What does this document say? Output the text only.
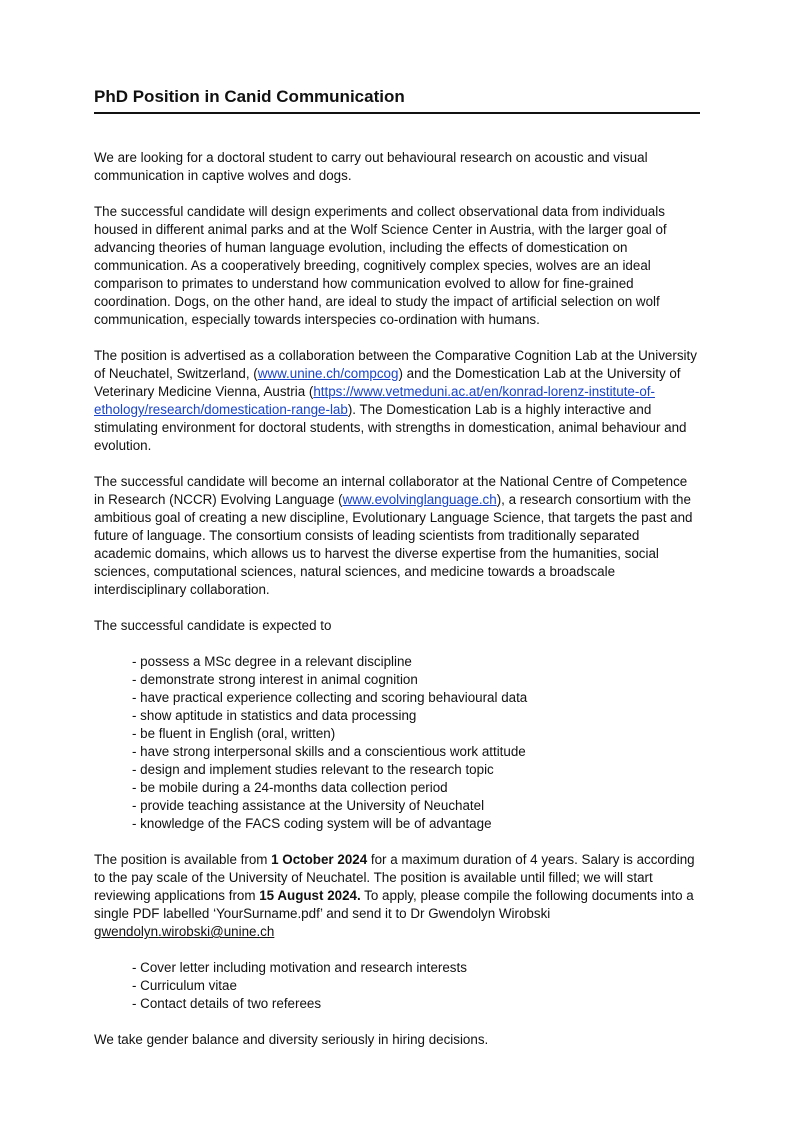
PhD Position in Canid Communication

We are looking for a doctoral student to carry out behavioural research on acoustic and visual communication in captive wolves and dogs.

The successful candidate will design experiments and collect observational data from individuals housed in different animal parks and at the Wolf Science Center in Austria, with the larger goal of advancing theories of human language evolution, including the effects of domestication on communication. As a cooperatively breeding, cognitively complex species, wolves are an ideal comparison to primates to understand how communication evolved to allow for fine-grained coordination. Dogs, on the other hand, are ideal to study the impact of artificial selection on wolf communication, especially towards interspecies co-ordination with humans.

The position is advertised as a collaboration between the Comparative Cognition Lab at the University of Neuchatel, Switzerland, (www.unine.ch/compcog) and the Domestication Lab at the University of Veterinary Medicine Vienna, Austria (https://www.vetmeduni.ac.at/en/konrad-lorenz-institute-of-ethology/research/domestication-range-lab). The Domestication Lab is a highly interactive and stimulating environment for doctoral students, with strengths in domestication, animal behaviour and evolution.

The successful candidate will become an internal collaborator at the National Centre of Competence in Research (NCCR) Evolving Language (www.evolvinglanguage.ch), a research consortium with the ambitious goal of creating a new discipline, Evolutionary Language Science, that targets the past and future of language. The consortium consists of leading scientists from traditionally separated academic domains, which allows us to harvest the diverse expertise from the humanities, social sciences, computational sciences, natural sciences, and medicine towards a broadscale interdisciplinary collaboration.

The successful candidate is expected to

- possess a MSc degree in a relevant discipline
- demonstrate strong interest in animal cognition
- have practical experience collecting and scoring behavioural data
- show aptitude in statistics and data processing
- be fluent in English (oral, written)
- have strong interpersonal skills and a conscientious work attitude
- design and implement studies relevant to the research topic
- be mobile during a 24-months data collection period
- provide teaching assistance at the University of Neuchatel
- knowledge of the FACS coding system will be of advantage

The position is available from 1 October 2024 for a maximum duration of 4 years. Salary is according to the pay scale of the University of Neuchatel. The position is available until filled; we will start reviewing applications from 15 August 2024. To apply, please compile the following documents into a single PDF labelled ‘YourSurname.pdf’ and send it to Dr Gwendolyn Wirobski gwendolyn.wirobski@unine.ch

- Cover letter including motivation and research interests
- Curriculum vitae
- Contact details of two referees

We take gender balance and diversity seriously in hiring decisions.
